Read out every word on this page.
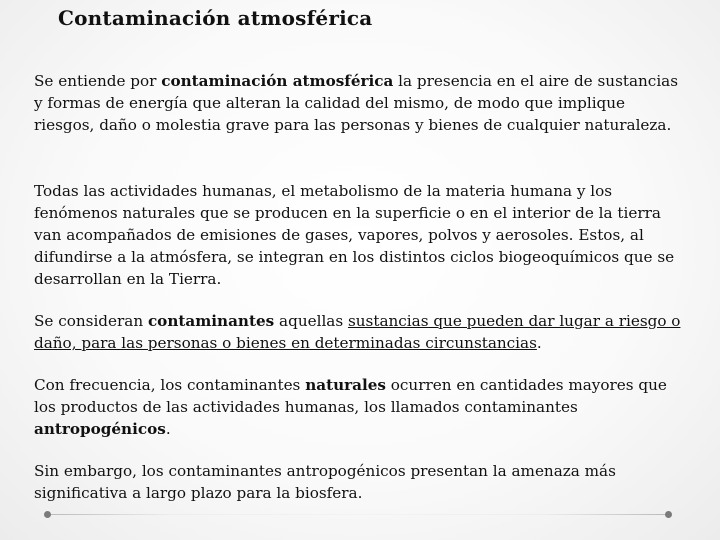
Contaminación atmosférica
Se entiende por contaminación atmosférica la presencia en el aire de sustancias y formas de energía que alteran la calidad del mismo, de modo que implique riesgos, daño o molestia grave para las personas y bienes de cualquier naturaleza.
Todas las actividades humanas, el metabolismo de la materia humana y los fenómenos naturales que se producen en la superficie o en el interior de la tierra van acompañados de emisiones de gases, vapores, polvos y aerosoles. Estos, al difundirse a la atmósfera, se integran en los distintos ciclos biogeoquímicos que se desarrollan en la Tierra.
Se consideran contaminantes aquellas sustancias que pueden dar lugar a riesgo o daño, para las personas o bienes en determinadas circunstancias.
Con frecuencia, los contaminantes naturales ocurren en cantidades mayores que los productos de las actividades humanas, los llamados contaminantes antropogénicos.
Sin embargo, los contaminantes antropogénicos presentan la amenaza más significativa a largo plazo para la biosfera.
